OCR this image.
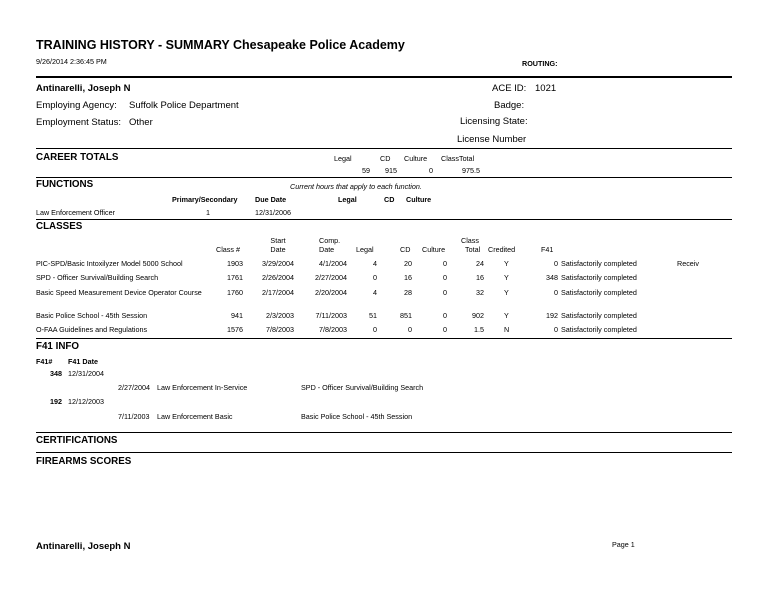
TRAINING HISTORY - SUMMARY Chesapeake Police Academy
9/26/2014 2:36:45 PM	ROUTING:
Antinarelli, Joseph N	ACE ID: 1021
Employing Agency: Suffolk Police Department	Badge:
Employment Status: Other	Licensing State:
License Number
CAREER TOTALS	Legal	CD Culture ClassTotal
59	915	0	975.5
FUNCTIONS	Current hours that apply to each function.
Primary/Secondary Due Date	Legal	CD Culture
Law Enforcement Officer	1	12/31/2006
CLASSES
Start
Date
Comp.
Date
Class
Class #	Legal	CD Culture	Total Credited	F41
PIC-SPD/Basic Intoxilyzer Model 5000 School	1903	3/29/2004	4/1/2004	4	20	0	24	Y	0 Satisfactorily completed	Receiv
SPD - Officer Survival/Building Search	1761	2/26/2004	2/27/2004	0	16	0	16	Y	348 Satisfactorily completed
Basic Speed Measurement Device Operator Course	1760	2/17/2004	2/20/2004	4	28	0	32	Y	0 Satisfactorily completed
Basic Police School - 45th Session	941	2/3/2003	7/11/2003	51	851	0	902	Y	192 Satisfactorily completed
O-FAA Guidelines and Regulations	1576	7/8/2003	7/8/2003	0	0	0	1.5	N	0 Satisfactorily completed
F41 INFO
F41# F41 Date
348 12/31/2004
2/27/2004 Law Enforcement In-Service	SPD - Officer Survival/Building Search
192 12/12/2003
7/11/2003 Law Enforcement Basic	Basic Police School - 45th Session
CERTIFICATIONS
FIREARMS SCORES
Antinarelli, Joseph N	Page 1
